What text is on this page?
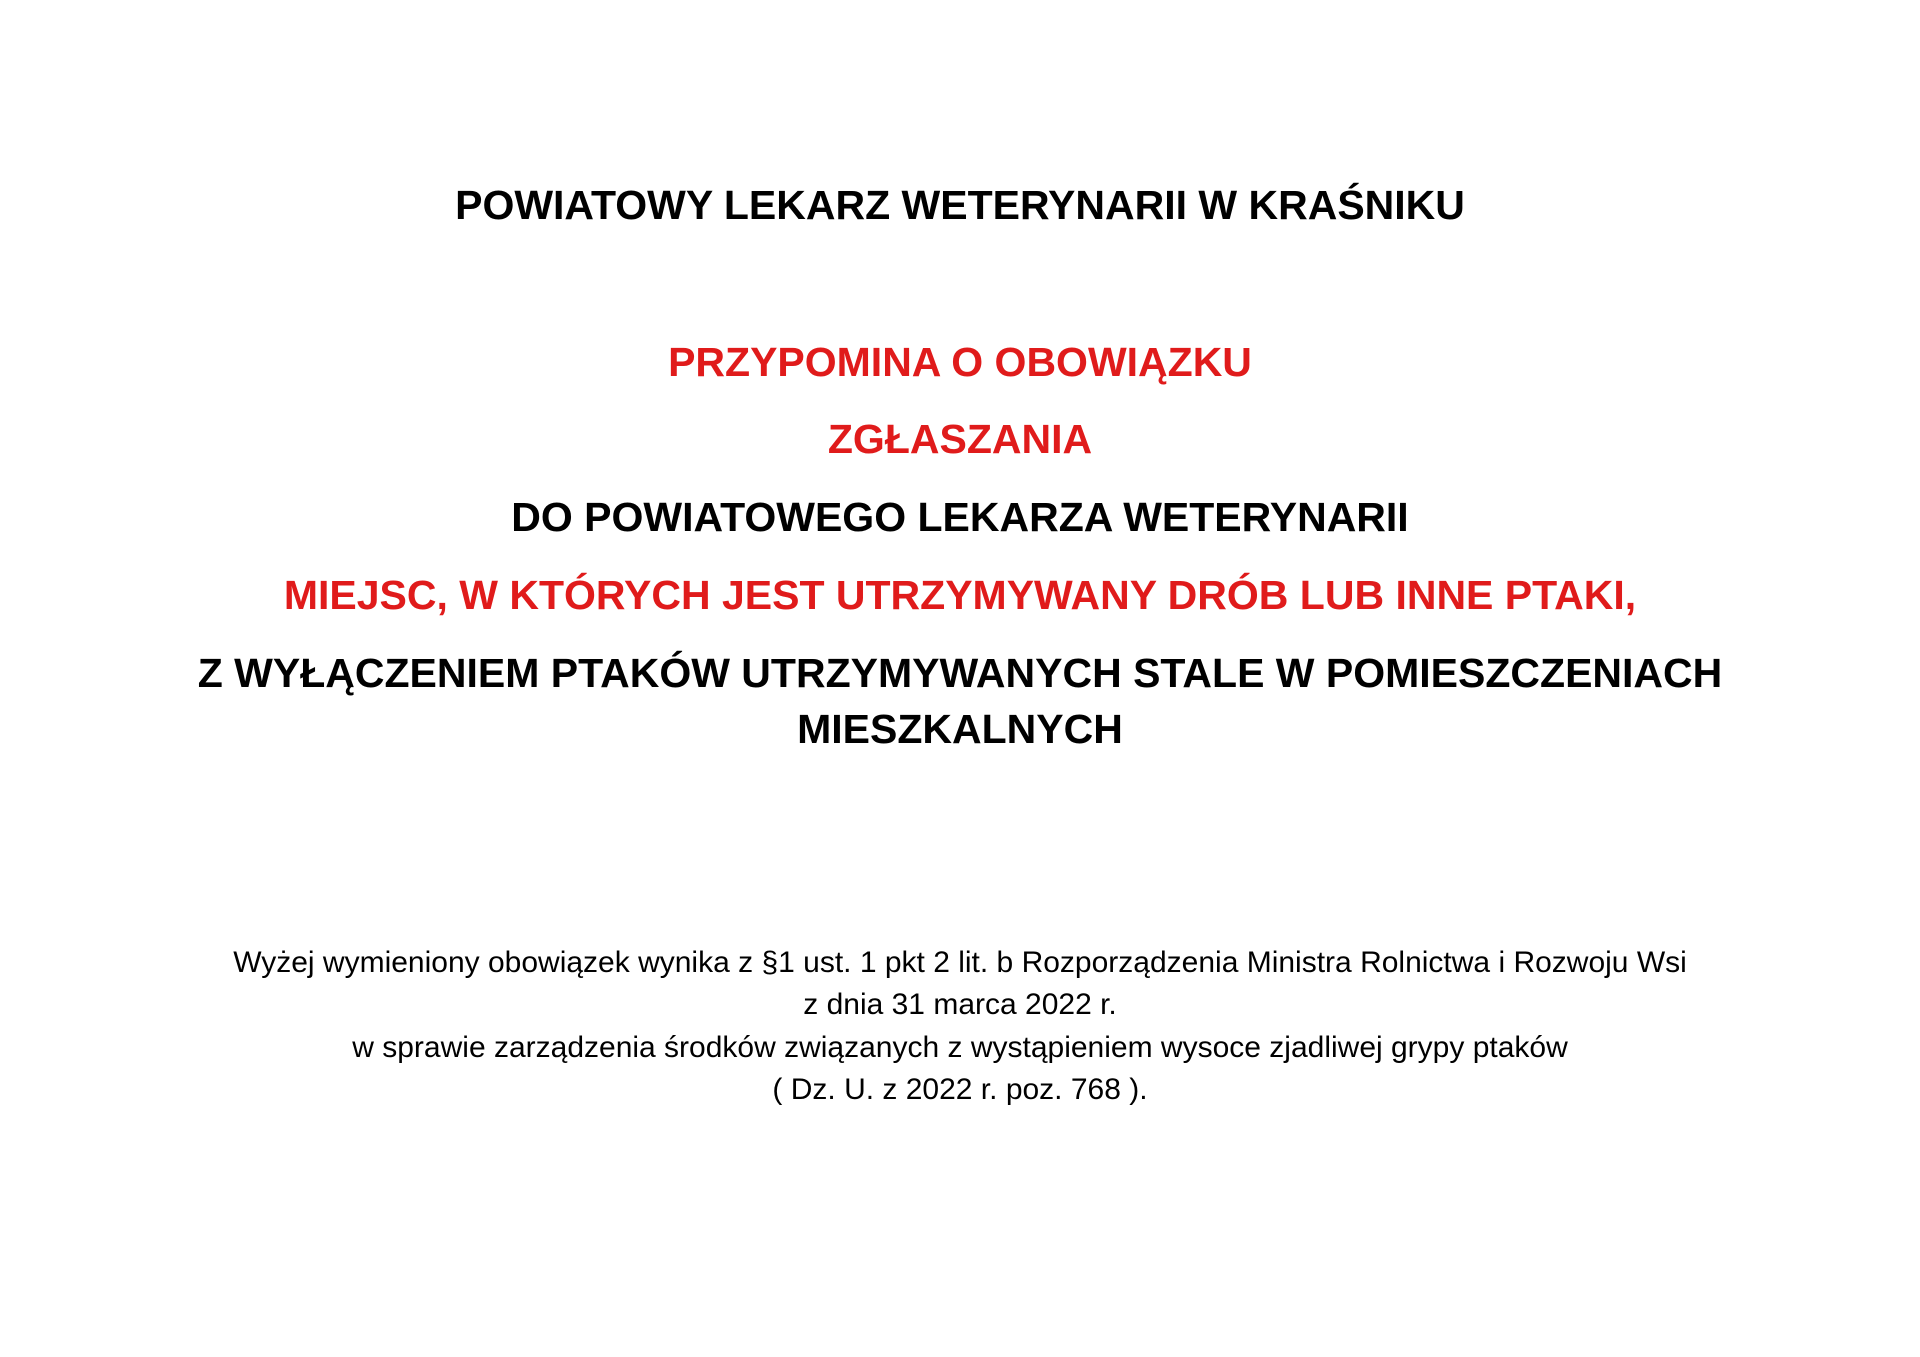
POWIATOWY LEKARZ WETERYNARII W KRAŚNIKU

PRZYPOMINA O OBOWIĄZKU

ZGŁASZANIA

DO POWIATOWEGO LEKARZA WETERYNARII

MIEJSC, W KTÓRYCH JEST UTRZYMYWANY DRÓB LUB INNE PTAKI,

Z WYŁĄCZENIEM PTAKÓW UTRZYMYWANYCH STALE W POMIESZCZENIACH

MIESZKALNYCH

Wyżej wymieniony obowiązek wynika z §1 ust. 1 pkt 2 lit. b Rozporządzenia Ministra Rolnictwa i Rozwoju Wsi

z dnia 31 marca 2022 r.

w sprawie zarządzenia środków związanych z wystąpieniem wysoce zjadliwej grypy ptaków

( Dz. U. z 2022 r. poz. 768 ).
